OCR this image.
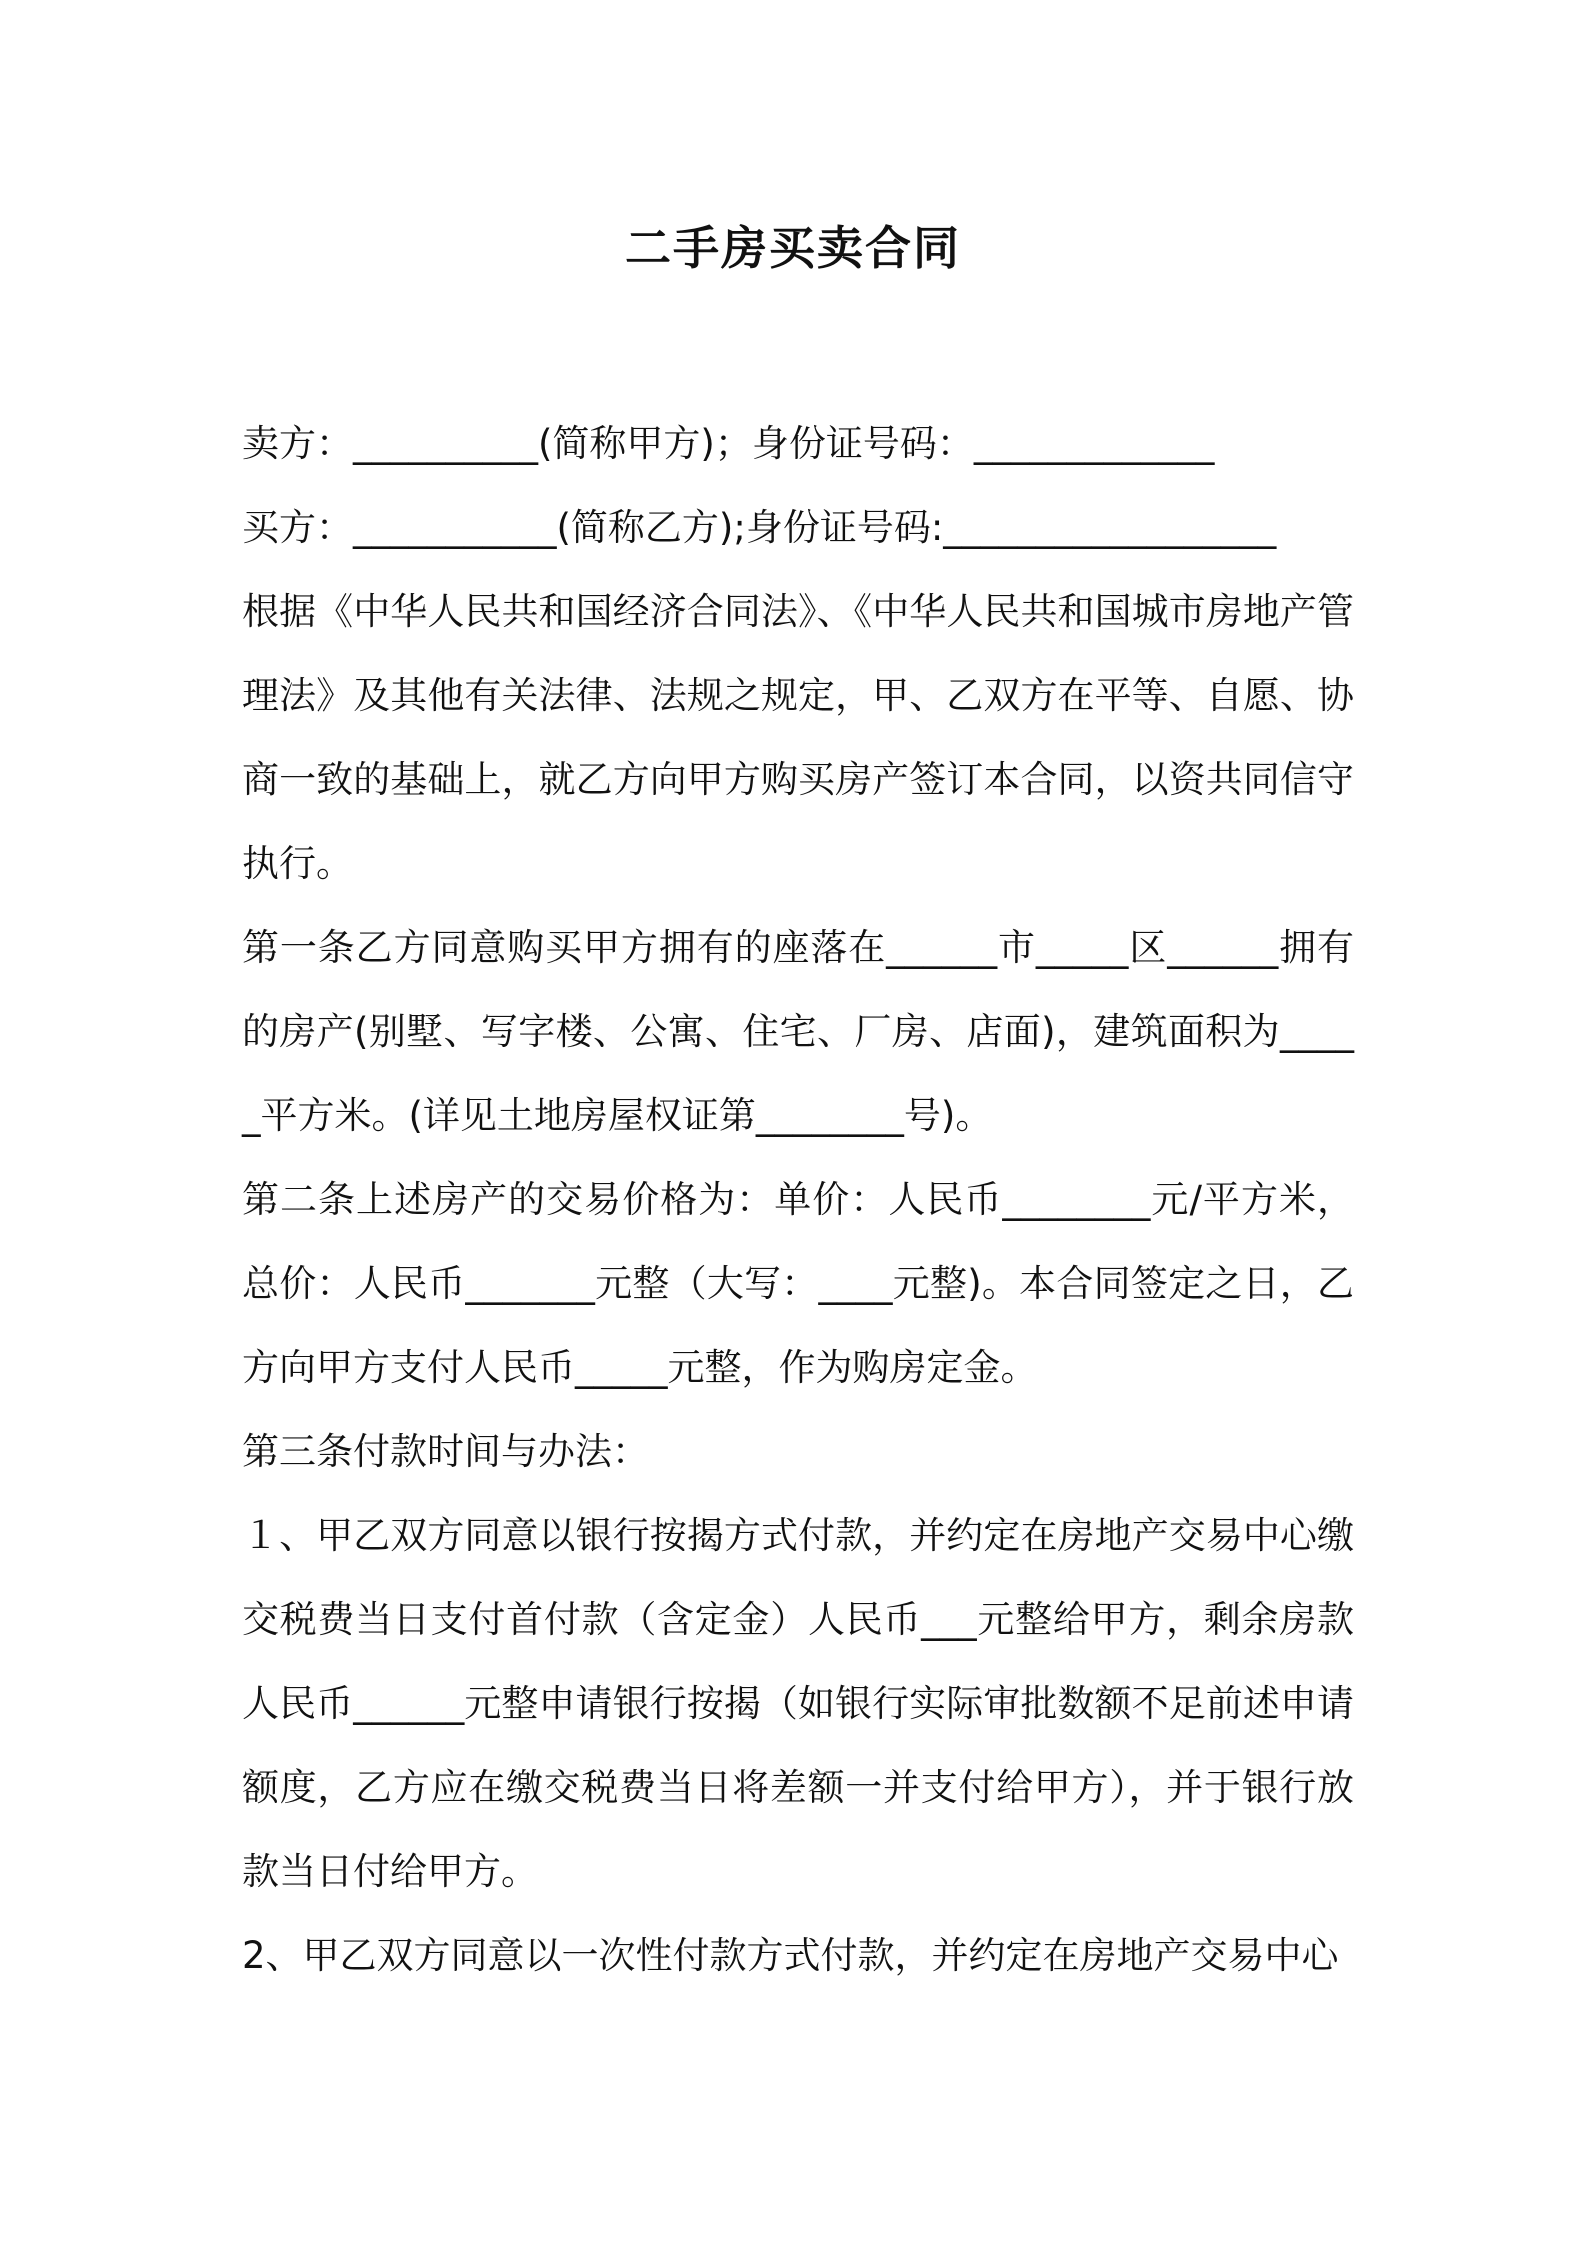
二手房买卖合同

卖方：__________(简称甲方)；身份证号码：_____________

买方：___________(简称乙方);身份证号码:__________________

根据《中华人民共和国经济合同法》、《中华人民共和国城市房地产管理法》及其他有关法律、法规之规定，甲、乙双方在平等、自愿、协商一致的基础上，就乙方向甲方购买房产签订本合同，以资共同信守执行。

第一条乙方同意购买甲方拥有的座落在______市_____区______拥有的房产(别墅、写字楼、公寓、住宅、厂房、店面)，建筑面积为_____平方米。(详见土地房屋权证第________号)。

第二条上述房产的交易价格为：单价：人民币________元/平方米，总价：人民币_______元整（大写：____元整)。本合同签定之日，乙方向甲方支付人民币_____元整，作为购房定金。

第三条付款时间与办法：

１、甲乙双方同意以银行按揭方式付款，并约定在房地产交易中心缴交税费当日支付首付款（含定金）人民币___元整给甲方，剩余房款人民币______元整申请银行按揭（如银行实际审批数额不足前述申请额度，乙方应在缴交税费当日将差额一并支付给甲方），并于银行放款当日付给甲方。

2、甲乙双方同意以一次性付款方式付款，并约定在房地产交易中心
